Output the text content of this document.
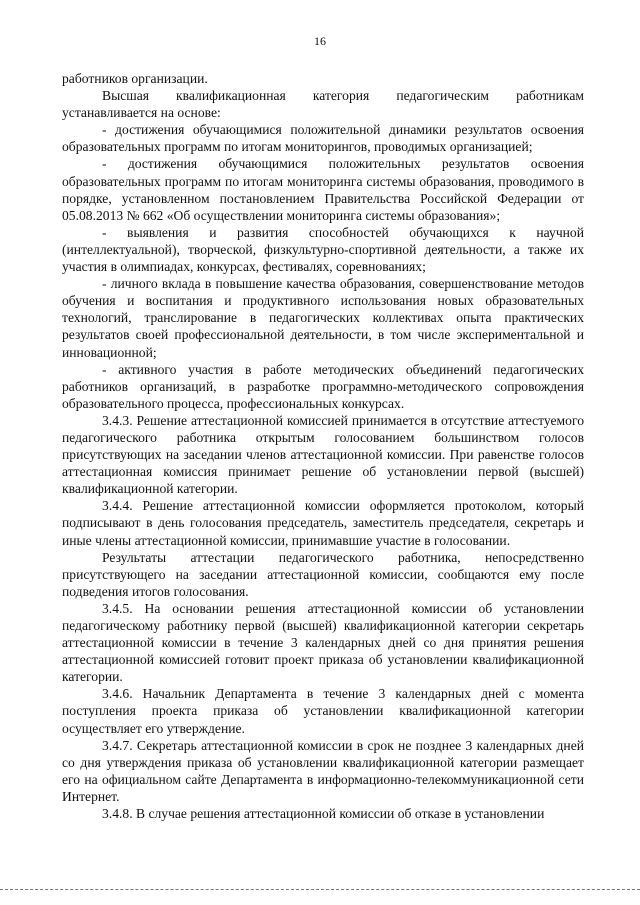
16

работников организации.

Высшая квалификационная категория педагогическим работникам устанавливается на основе:

- достижения обучающимися положительной динамики результатов освоения образовательных программ по итогам мониторингов, проводимых организацией;

- достижения обучающимися положительных результатов освоения образовательных программ по итогам мониторинга системы образования, проводимого в порядке, установленном постановлением Правительства Российской Федерации от 05.08.2013 № 662 «Об осуществлении мониторинга системы образования»;

- выявления и развития способностей обучающихся к научной (интеллектуальной), творческой, физкультурно-спортивной деятельности, а также их участия в олимпиадах, конкурсах, фестивалях, соревнованиях;

- личного вклада в повышение качества образования, совершенствование методов обучения и воспитания и продуктивного использования новых образовательных технологий, транслирование в педагогических коллективах опыта практических результатов своей профессиональной деятельности, в том числе экспериментальной и инновационной;

- активного участия в работе методических объединений педагогических работников организаций, в разработке программно-методического сопровождения образовательного процесса, профессиональных конкурсах.

3.4.3. Решение аттестационной комиссией принимается в отсутствие аттестуемого педагогического работника открытым голосованием большинством голосов присутствующих на заседании членов аттестационной комиссии. При равенстве голосов аттестационная комиссия принимает решение об установлении первой (высшей) квалификационной категории.

3.4.4. Решение аттестационной комиссии оформляется протоколом, который подписывают в день голосования председатель, заместитель председателя, секретарь и иные члены аттестационной комиссии, принимавшие участие в голосовании.

Результаты аттестации педагогического работника, непосредственно присутствующего на заседании аттестационной комиссии, сообщаются ему после подведения итогов голосования.

3.4.5. На основании решения аттестационной комиссии об установлении педагогическому работнику первой (высшей) квалификационной категории секретарь аттестационной комиссии в течение 3 календарных дней со дня принятия решения аттестационной комиссией готовит проект приказа об установлении квалификационной категории.

3.4.6. Начальник Департамента в течение 3 календарных дней с момента поступления проекта приказа об установлении квалификационной категории осуществляет его утверждение.

3.4.7. Секретарь аттестационной комиссии в срок не позднее 3 календарных дней со дня утверждения приказа об установлении квалификационной категории размещает его на официальном сайте Департамента в информационно-телекоммуникационной сети Интернет.

3.4.8. В случае решения аттестационной комиссии об отказе в установлении
